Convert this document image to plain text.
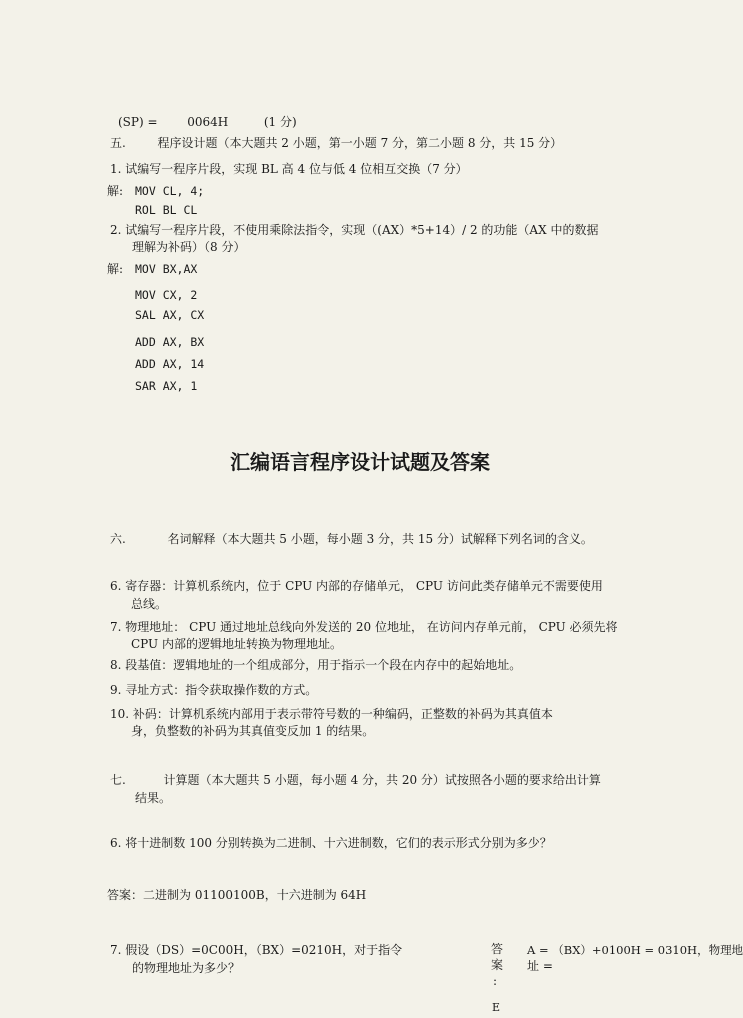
(SP) = 0064H	(1 分)
五.	程序设计题（本大题共 2 小题，第一小题 7 分，第二小题 8 分，共 15 分）
1. 试编写一程序片段，实现 BL 高 4 位与低 4 位相互交换（7 分）
解: MOV CL, 4;
ROL BL CL
2. 试编写一程序片段，不使用乘除法指令，实现（(AX）*5+14）/ 2 的功能（AX 中的数据
理解为补码）（8 分）
解: MOV BX,AX
MOV CX, 2
SAL AX, CX
ADD AX, BX
ADD AX, 14
SAR AX, 1
汇编语言程序设计试题及答案
六.	名词解释（本大题共 5 小题，每小题 3 分，共 15 分）试解释下列名词的含义。
6. 寄存器：计算机系统内，位于 CPU 内部的存储单元， CPU 访问此类存储单元不需要使用
总线。
7. 物理地址： CPU 通过地址总线向外发送的 20 位地址， 在访问内存单元前， CPU 必须先将
CPU 内部的逻辑地址转换为物理地址。
8. 段基值：逻辑地址的一个组成部分，用于指示一个段在内存中的起始地址。
9. 寻址方式：指令获取操作数的方式。
10. 补码：计算机系统内部用于表示带符号数的一种编码，正整数的补码为其真值本
身，负整数的补码为其真值变反加 1 的结果。
七.	计算题（本大题共 5 小题，每小题 4 分，共 20 分）试按照各小题的要求给出计算
结果。
6. 将十进制数 100 分别转换为二进制、十六进制数，它们的表示形式分别为多少？
答案：二进制为 01100100B，十六进制为 64H
7. 假设（DS）=0C00H，（BX）=0210H，对于指令
的物理地址为多少？
答
案
:
E
A = （BX）+0100H = 0310H，物理地
址 =
